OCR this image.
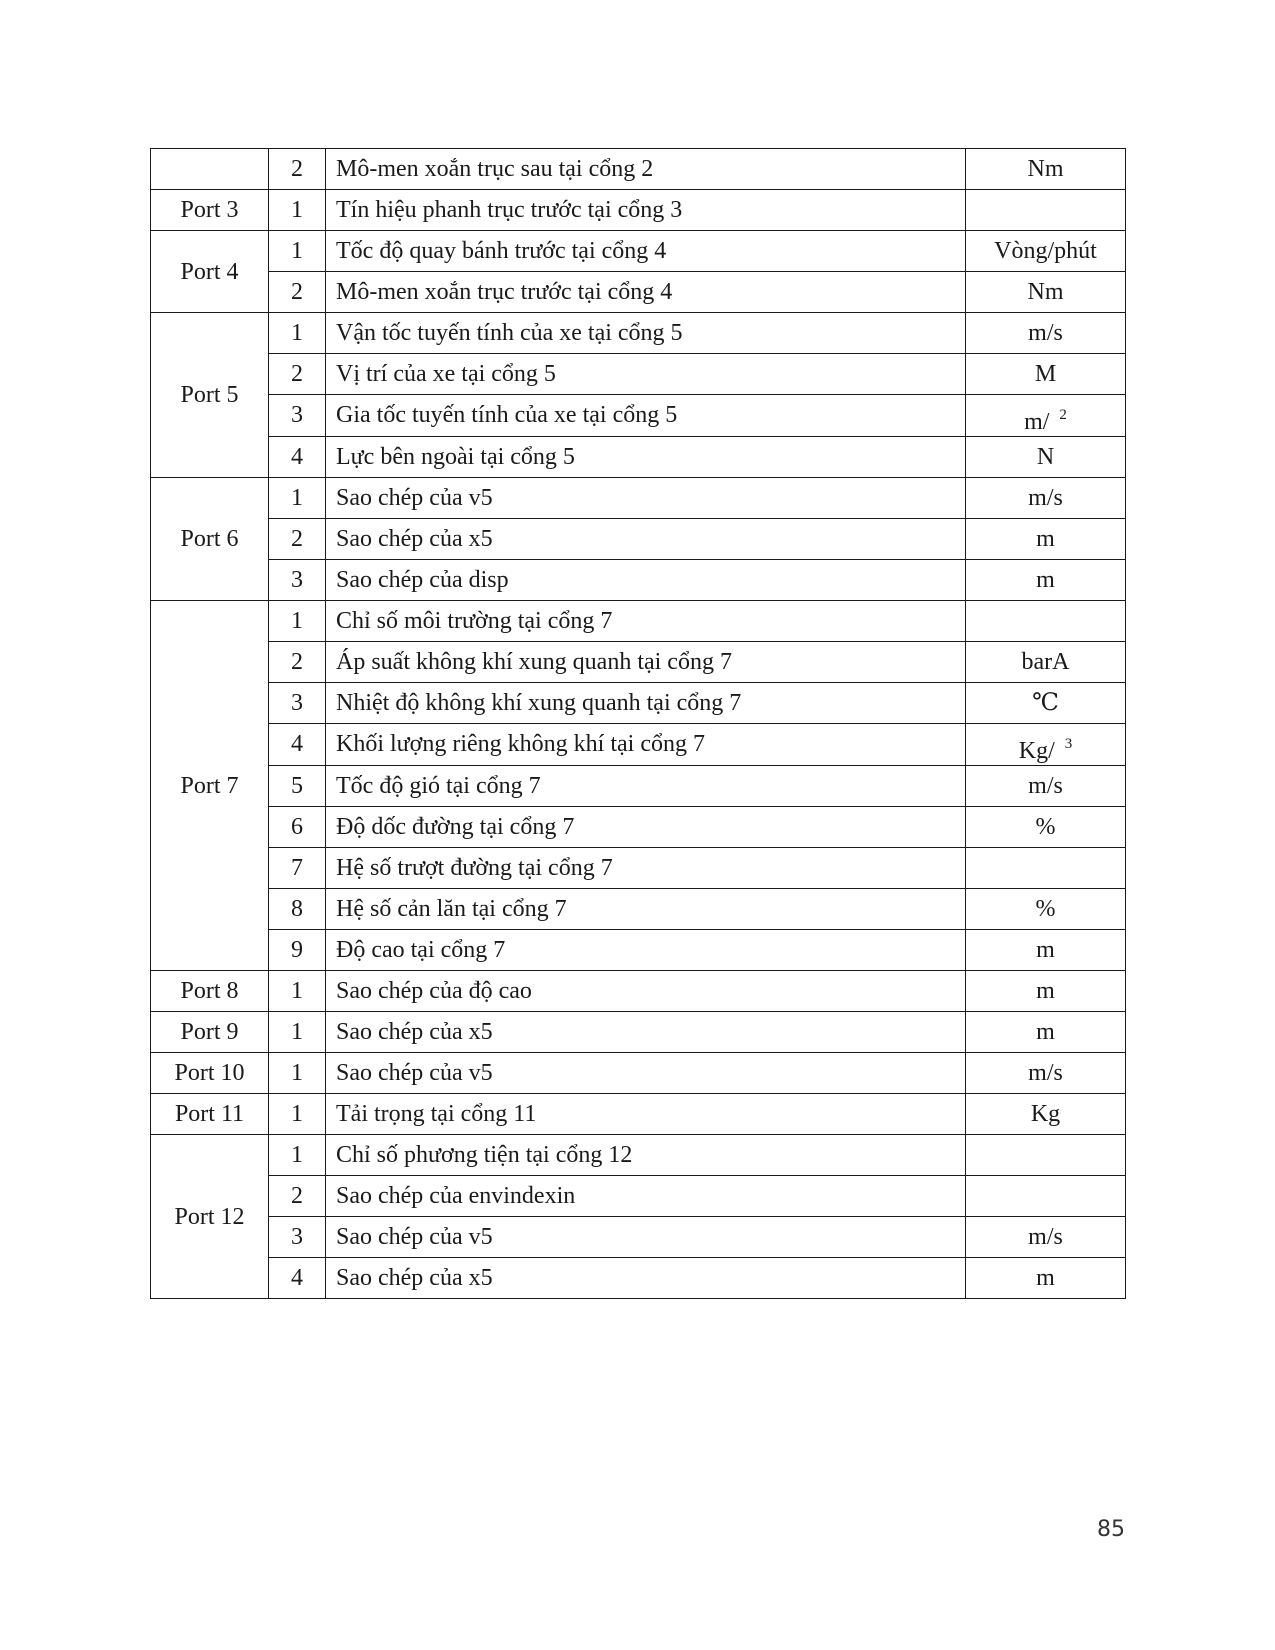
	2	Mô-men xoắn trục sau tại cổng 2	Nm
Port 3	1	Tín hiệu phanh trục trước tại cổng 3	
Port 4	1	Tốc độ quay bánh trước tại cổng 4	Vòng/phút
	2	Mô-men xoắn trục trước tại cổng 4	Nm
Port 5	1	Vận tốc tuyến tính của xe tại cổng 5	m/s
	2	Vị trí của xe tại cổng 5	M
	3	Gia tốc tuyến tính của xe tại cổng 5	m/ $^2$
	4	Lực bên ngoài tại cổng 5	N
Port 6	1	Sao chép của v5	m/s
	2	Sao chép của x5	m
	3	Sao chép của disp	m
Port 7	1	Chỉ số môi trường tại cổng 7	
	2	Áp suất không khí xung quanh tại cổng 7	barA
	3	Nhiệt độ không khí xung quanh tại cổng 7	℃
	4	Khối lượng riêng không khí tại cổng 7	Kg/ $^3$
	5	Tốc độ gió tại cổng 7	m/s
	6	Độ dốc đường tại cổng 7	%
	7	Hệ số trượt đường tại cổng 7	
	8	Hệ số cản lăn tại cổng 7	%
	9	Độ cao tại cổng 7	m
Port 8	1	Sao chép của độ cao	m
Port 9	1	Sao chép của x5	m
Port 10	1	Sao chép của v5	m/s
Port 11	1	Tải trọng tại cổng 11	Kg
Port 12	1	Chỉ số phương tiện tại cổng 12	
	2	Sao chép của envindexin	
	3	Sao chép của v5	m/s
	4	Sao chép của x5	m
85
